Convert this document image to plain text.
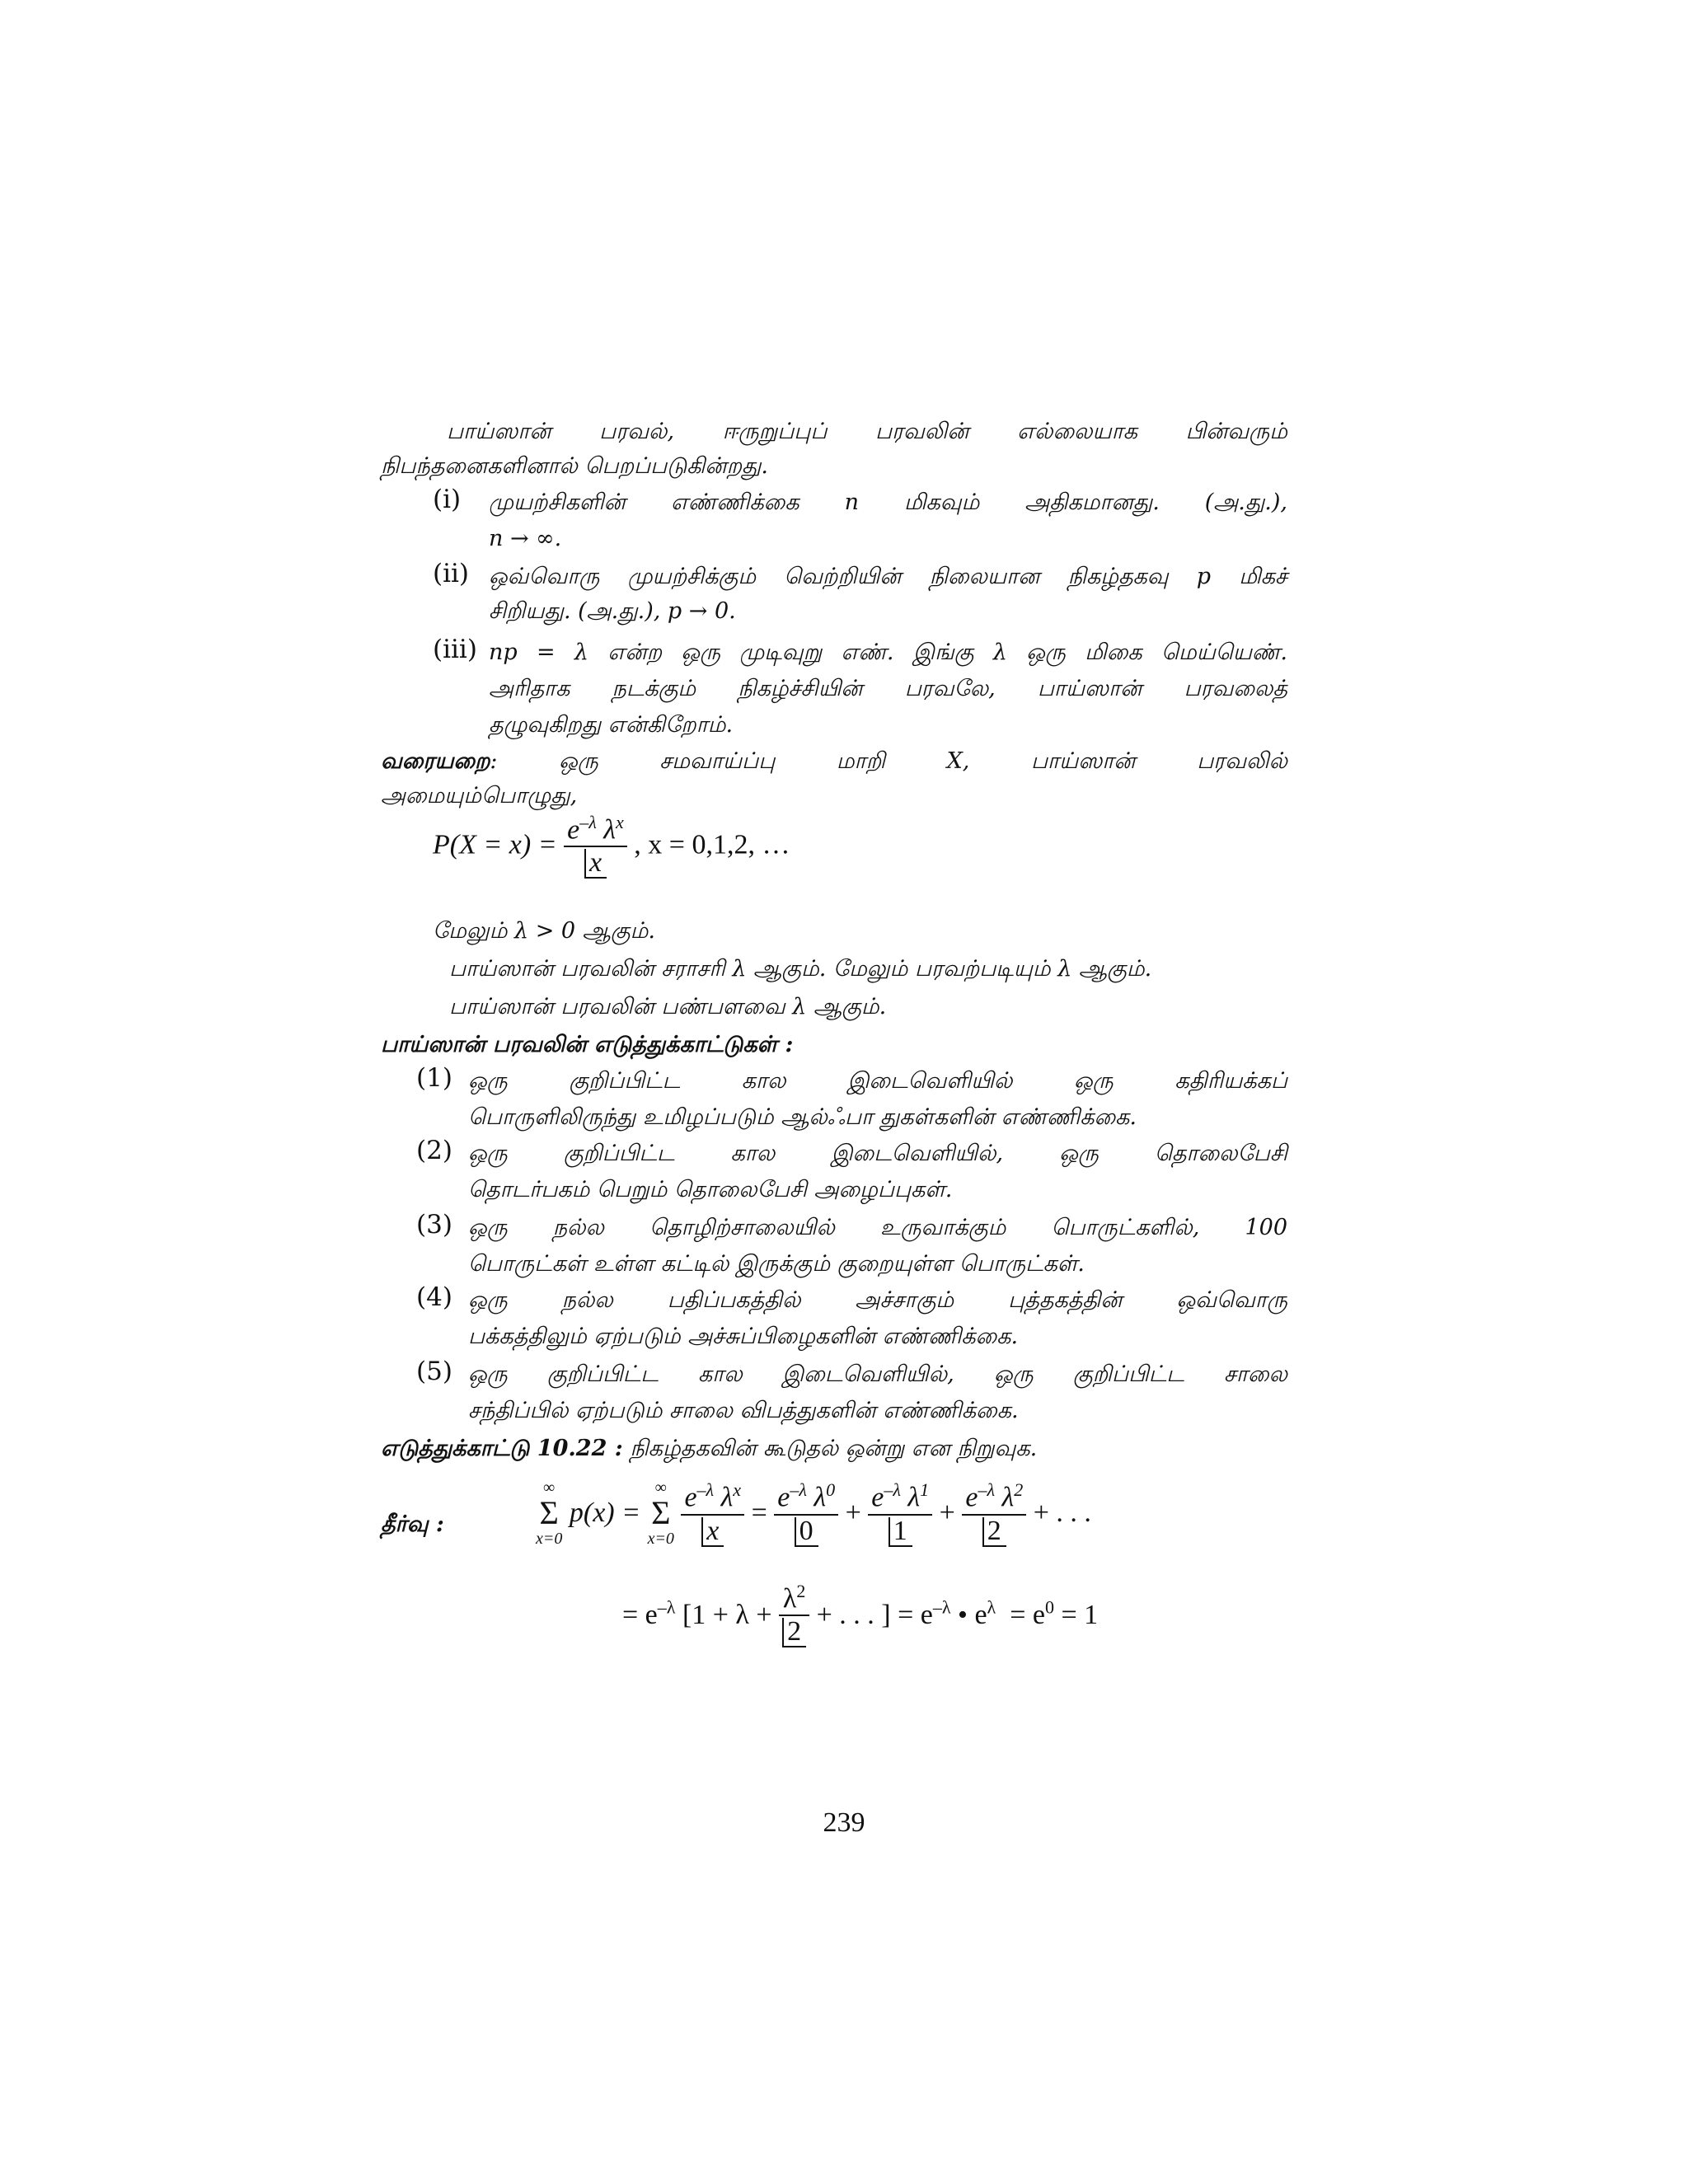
பாய்ஸான் பரவல், ஈருறுப்புப் பரவலின் எல்லையாக பின்வரும்
நிபந்தனைகளினால் பெறப்படுகின்றது.
(i) முயற்சிகளின் எண்ணிக்கை n மிகவும் அதிகமானது. (அ.து.),
n → ∞.
(ii) ஒவ்வொரு முயற்சிக்கும் வெற்றியின் நிலையான நிகழ்தகவு p மிகச்
சிறியது. (அ.து.), p → 0.
(iii) np = λ என்ற ஒரு முடிவுறு எண். இங்கு λ ஒரு மிகை மெய்யெண்.
அரிதாக நடக்கும் நிகழ்ச்சியின் பரவலே, பாய்ஸான் பரவலைத்
தழுவுகிறது என்கிறோம்.
வரையறை: ஒரு சமவாய்ப்பு மாறி X, பாய்ஸான் பரவலில்
அமையும்பொழுது,
$P(X = x) = \frac{e^{-\lambda} \lambda^x}{x}$ , x = 0,1,2, …
மேலும் λ > 0 ஆகும்.
பாய்ஸான் பரவலின் சராசரி λ ஆகும். மேலும் பரவற்படியும் λ ஆகும்.
பாய்ஸான் பரவலின் பண்பளவை λ ஆகும்.
பாய்ஸான் பரவலின் எடுத்துக்காட்டுகள் :
(1) ஒரு குறிப்பிட்ட கால இடைவெளியில் ஒரு கதிரியக்கப்
பொருளிலிருந்து உமிழப்படும் ஆல்ஃபா துகள்களின் எண்ணிக்கை.
(2) ஒரு குறிப்பிட்ட கால இடைவெளியில், ஒரு தொலைபேசி
தொடர்பகம் பெறும் தொலைபேசி அழைப்புகள்.
(3) ஒரு நல்ல தொழிற்சாலையில் உருவாக்கும் பொருட்களில், 100
பொருட்கள் உள்ள கட்டில் இருக்கும் குறையுள்ள பொருட்கள்.
(4) ஒரு நல்ல பதிப்பகத்தில் அச்சாகும் புத்தகத்தின் ஒவ்வொரு
பக்கத்திலும் ஏற்படும் அச்சுப்பிழைகளின் எண்ணிக்கை.
(5) ஒரு குறிப்பிட்ட கால இடைவெளியில், ஒரு குறிப்பிட்ட சாலை
சந்திப்பில் ஏற்படும் சாலை விபத்துகளின் எண்ணிக்கை.
எடுத்துக்காட்டு 10.22 : நிகழ்தகவின் கூடுதல் ஒன்று என நிறுவுக.
தீர்வு :
∞
Σ
x=0 p(x) = ∞
Σ
$x=0 \frac{e^{-\lambda} \lambda^x}{x} = \frac{e^{-\lambda} \lambda^0}{0} + \frac{e^{-\lambda} \lambda^1}{1} + \frac{e^{-\lambda} \lambda^2}{2}$ + . . .
= $e^{-\lambda}$ [$1 + \lambda + \frac{\lambda^2}{2}$ + . . . ] = $e^{-\lambda}$ • $e^\lambda = e^0 = 1$
239
